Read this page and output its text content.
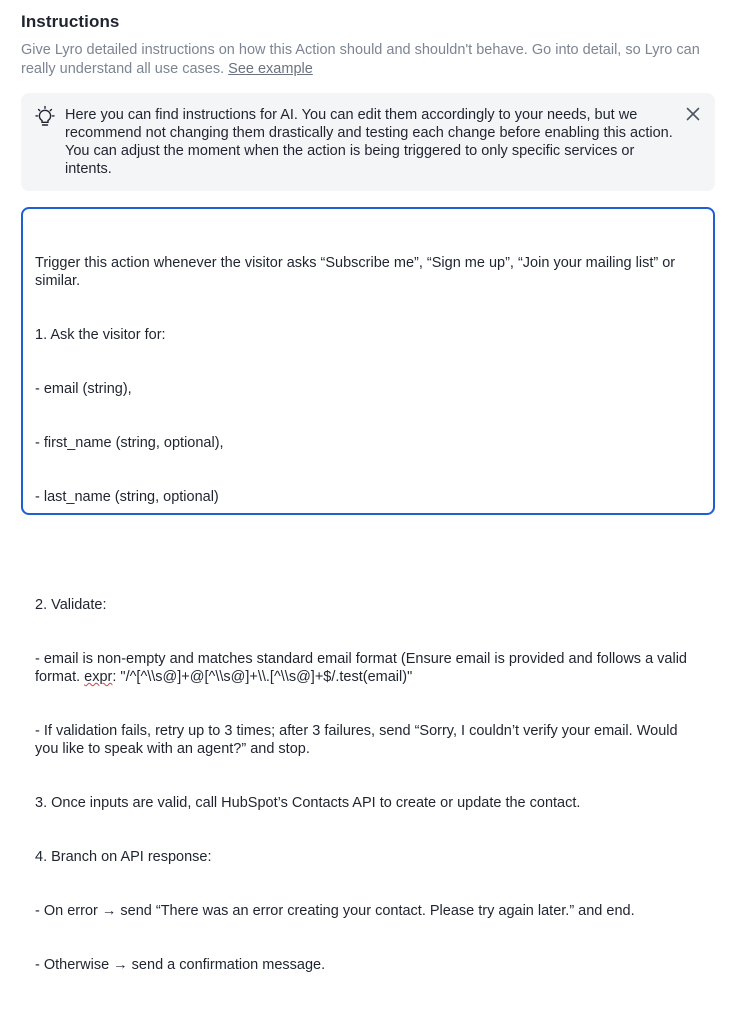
Instructions
Give Lyro detailed instructions on how this Action should and shouldn't behave. Go into detail, so Lyro can really understand all use cases. See example
Here you can find instructions for AI. You can edit them accordingly to your needs, but we recommend not changing them drastically and testing each change before enabling this action. You can adjust the moment when the action is being triggered to only specific services or intents.

Trigger this action whenever the visitor asks “Subscribe me”, “Sign me up”, “Join your mailing list” or similar.

1. Ask the visitor for:

- email (string),

- first_name (string, optional),

- last_name (string, optional)

2. Validate:

- email is non-empty and matches standard email format (Ensure email is provided and follows a valid format. expr: "/^[^\\s@]+@[^\\s@]+\\.[^\\s@]+$/.test(email)"

- If validation fails, retry up to 3 times; after 3 failures, send “Sorry, I couldn’t verify your email. Would you like to speak with an agent?” and stop.

3. Once inputs are valid, call HubSpot’s Contacts API to create or update the contact.

4. Branch on API response:

- On error → send “There was an error creating your contact. Please try again later.” and end.

- Otherwise → send a confirmation message.
